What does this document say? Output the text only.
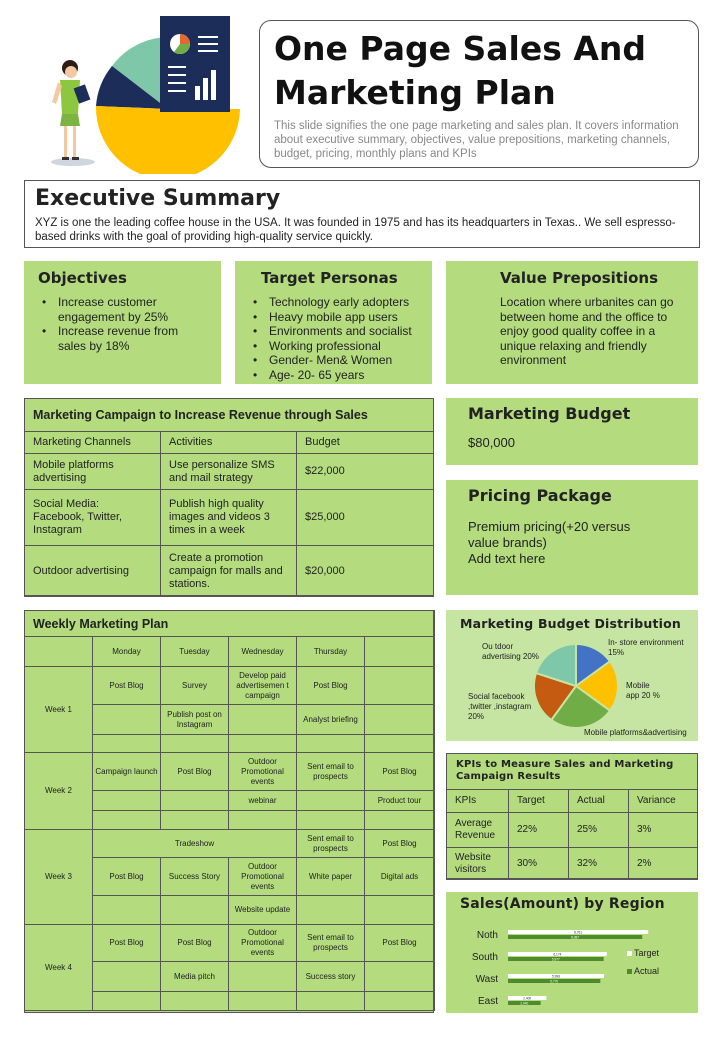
One Page Sales And
Marketing Plan

This slide signifies the one page marketing and sales plan. It covers information about executive summary, objectives, value prepositions, marketing channels, budget, pricing, monthly plans and KPIs

Executive Summary

XYZ is one the leading coffee house in the USA. It was founded in 1975 and has its headquarters in Texas.. We sell espresso-based drinks with the goal of providing high-quality service quickly.

Objectives
• Increase customer engagement by 25%
• Increase revenue from sales by 18%
Target Personas
• Technology early adopters
• Heavy mobile app users
• Environments and socialist
• Working professional
• Gender- Men& Women
• Age- 20- 65 years
Value Prepositions

Location where urbanites can go between home and the office to enjoy good quality coffee in a unique relaxing and friendly environment

Marketing Campaign to Increase Revenue through Sales		
Marketing Channels	Activities	Budget
Mobile platforms advertising	Use personalize SMS and mail strategy	$22,000
Social Media: Facebook, Twitter, Instagram	Publish high quality images and videos 3 times in a week	$25,000
Outdoor advertising	Create a promotion campaign for malls and stations.	$20,000
Marketing Budget

$80,000

Pricing Package

Premium pricing(+20 versus value brands)

Add text here

Weekly Marketing Plan					
	Monday	Tuesday	Wednesday	Thursday	
Week 1	Post Blog	Survey	Develop paid advertisemen t campaign	Post Blog	
		Publish post on Instagram		Analyst briefing	

Week 2	Campaign launch	Post Blog	Outdoor Promotional events	Sent email to prospects	Post Blog
			webinar		Product tour

Week 3	Tradeshow			Sent email to prospects	Post Blog
	Post Blog	Success Story	Outdoor Promotional events	White paper	Digital ads
			Website update		
Week 4	Post Blog	Post Blog	Outdoor Promotional events	Sent email to prospects	Post Blog
		Media pitch		Success story	

Marketing Budget Distribution
In- store environment 15%
Mobile app 20 %
Ou tdoor advertising 20%
Social facebook ,twitter ,instagram 20%
Mobile platforms&advertising
KPIs to Measure Sales and Marketing Campaign Results
KPIs	Target	Actual	Variance
Average Revenue	22%	25%	3%
Website visitors	30%	32%	2%
Sales(Amount) by Region
Noth	8,761
8,387
South	6,174
5,977
Wast	5,998
5,770
East	2,400
2,040
Target
Actual
